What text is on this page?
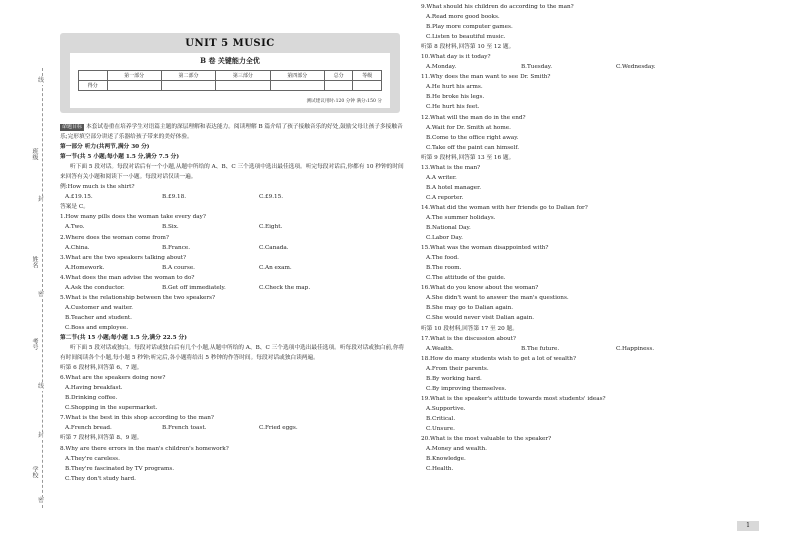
班级
姓名
考号
学校
线
封
密
线
封
密
UNIT 5 MUSIC
B 卷 关键能力全优
	第一部分	第二部分	第三部分	第四部分	总分	等级
得分						
测试建议用时:120 分钟 满分:150 分
命题目标 本套试卷重在培养学生对语篇主题的深层理解和表达能力。阅读理解 B 篇介绍了孩子接触音乐的好处,鼓励父母让孩子多接触音乐;完形填空部分讲述了乐器给孩子带来的美好体验。
第一部分 听力(共两节,满分 30 分)
第一节(共 5 小题;每小题 1.5 分,满分 7.5 分)
听下面 5 段对话。每段对话后有一个小题,从题中所给的 A、B、C 三个选项中选出最佳选项。听完每段对话后,你都有 10 秒钟的时间来回答有关小题和阅读下一小题。每段对话仅读一遍。
例:How much is the shirt?
A.£19.15.	B.£9.18.	C.£9.15.
答案是 C。
1.How many pills does the woman take every day?
A.Two.	B.Six.	C.Eight.
2.Where does the woman come from?
A.China.	B.France.	C.Canada.
3.What are the two speakers talking about?
A.Homework.	B.A course.	C.An exam.
4.What does the man advise the woman to do?
A.Ask the conductor.	B.Get off immediately.	C.Check the map.
5.What is the relationship between the two speakers?
A.Customer and waiter.
B.Teacher and student.
C.Boss and employee.
第二节(共 15 小题;每小题 1.5 分,满分 22.5 分)
听下面 5 段对话或独白。每段对话或独白后有几个小题,从题中所给的 A、B、C 三个选项中选出最佳选项。听每段对话或独白前,你将有时间阅读各个小题,每小题 5 秒钟;听完后,各小题将给出 5 秒钟的作答时间。每段对话或独白读两遍。
听第 6 段材料,回答第 6、7 题。
6.What are the speakers doing now?
A.Having breakfast.
B.Drinking coffee.
C.Shopping in the supermarket.
7.What is the best in this shop according to the man?
A.French bread.	B.French toast.	C.Fried eggs.
听第 7 段材料,回答第 8、9 题。
8.Why are there errors in the man's children's homework?
A.They're careless.
B.They're fascinated by TV programs.
C.They don't study hard.
9.What should his children do according to the man?
A.Read more good books.
B.Play more computer games.
C.Listen to beautiful music.
听第 8 段材料,回答第 10 至 12 题。
10.What day is it today?
A.Monday.	B.Tuesday.	C.Wednesday.
11.Why does the man want to see Dr. Smith?
A.He hurt his arms.
B.He broke his legs.
C.He hurt his feet.
12.What will the man do in the end?
A.Wait for Dr. Smith at home.
B.Come to the office right away.
C.Take off the paint can himself.
听第 9 段材料,回答第 13 至 16 题。
13.What is the man?
A.A writer.
B.A hotel manager.
C.A reporter.
14.What did the woman with her friends go to Dalian for?
A.The summer holidays.
B.National Day.
C.Labor Day.
15.What was the woman disappointed with?
A.The food.
B.The room.
C.The attitude of the guide.
16.What do you know about the woman?
A.She didn't want to answer the man's questions.
B.She may go to Dalian again.
C.She would never visit Dalian again.
听第 10 段材料,回答第 17 至 20 题。
17.What is the discussion about?
A.Wealth.	B.The future.	C.Happiness.
18.How do many students wish to get a lot of wealth?
A.From their parents.
B.By working hard.
C.By improving themselves.
19.What is the speaker's attitude towards most students' ideas?
A.Supportive.
B.Critical.
C.Unsure.
20.What is the most valuable to the speaker?
A.Money and wealth.
B.Knowledge.
C.Health.
1
